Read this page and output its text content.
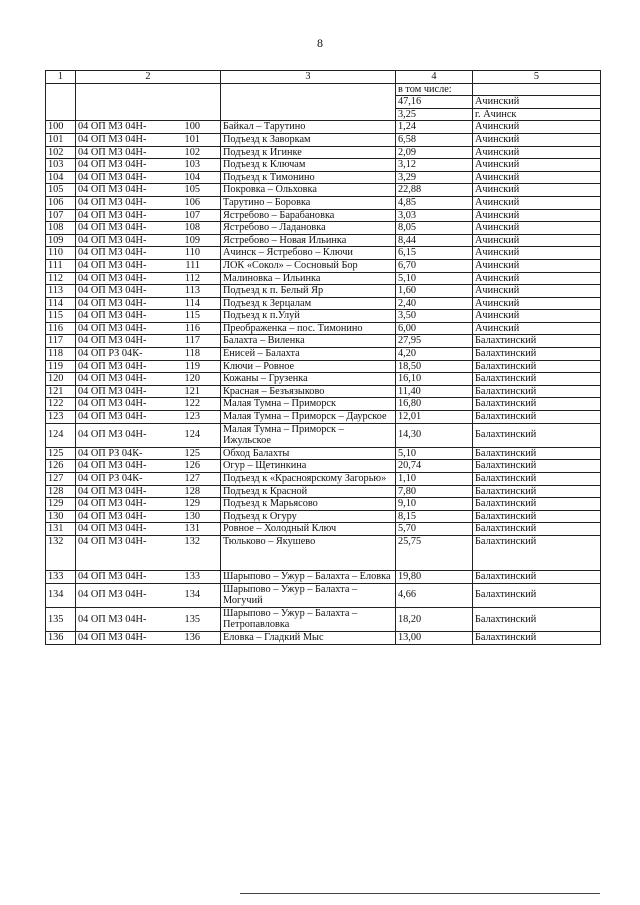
8
1	2	3	4	5
			в том числе:	
			47,16	Ачинский
			3,25	г. Ачинск
100	04 ОП МЗ 04Н- 100	Байкал – Тарутино	1,24	Ачинский
101	04 ОП МЗ 04Н- 101	Подъезд к Заворкам	6,58	Ачинский
102	04 ОП МЗ 04Н- 102	Подъезд к Игинке	2,09	Ачинский
103	04 ОП МЗ 04Н- 103	Подъезд к Ключам	3,12	Ачинский
104	04 ОП МЗ 04Н- 104	Подъезд к Тимонино	3,29	Ачинский
105	04 ОП МЗ 04Н- 105	Покровка – Ольховка	22,88	Ачинский
106	04 ОП МЗ 04Н- 106	Тарутино – Боровка	4,85	Ачинский
107	04 ОП МЗ 04Н- 107	Ястребово – Барабановка	3,03	Ачинский
108	04 ОП МЗ 04Н- 108	Ястребово – Ладановка	8,05	Ачинский
109	04 ОП МЗ 04Н- 109	Ястребово – Новая Ильинка	8,44	Ачинский
110	04 ОП МЗ 04Н- 110	Ачинск – Ястребово – Ключи	6,15	Ачинский
111	04 ОП МЗ 04Н- 111	ЛОК «Сокол» – Сосновый Бор	6,70	Ачинский
112	04 ОП МЗ 04Н- 112	Малиновка – Ильинка	5,10	Ачинский
113	04 ОП МЗ 04Н- 113	Подъезд к п. Белый Яр	1,60	Ачинский
114	04 ОП МЗ 04Н- 114	Подъезд к Зерцалам	2,40	Ачинский
115	04 ОП МЗ 04Н- 115	Подъезд к п.Улуй	3,50	Ачинский
116	04 ОП МЗ 04Н- 116	Преображенка – пос. Тимонино	6,00	Ачинский
117	04 ОП МЗ 04Н- 117	Балахта – Виленка	27,95	Балахтинский
118	04 ОП РЗ 04К- 118	Енисей – Балахта	4,20	Балахтинский
119	04 ОП МЗ 04Н- 119	Ключи – Ровное	18,50	Балахтинский
120	04 ОП МЗ 04Н- 120	Кожаны – Грузенка	16,10	Балахтинский
121	04 ОП МЗ 04Н- 121	Красная – Безъязыково	11,40	Балахтинский
122	04 ОП МЗ 04Н- 122	Малая Тумна – Приморск	16,80	Балахтинский
123	04 ОП МЗ 04Н- 123	Малая Тумна – Приморск – Даурское	12,01	Балахтинский
124	04 ОП МЗ 04Н- 124	Малая Тумна – Приморск – Ижульское	14,30	Балахтинский
125	04 ОП РЗ 04К- 125	Обход Балахты	5,10	Балахтинский
126	04 ОП МЗ 04Н- 126	Огур – Щетинкина	20,74	Балахтинский
127	04 ОП РЗ 04К- 127	Подъезд к «Красноярскому Загорью»	1,10	Балахтинский
128	04 ОП МЗ 04Н- 128	Подъезд к Красной	7,80	Балахтинский
129	04 ОП МЗ 04Н- 129	Подъезд к Марьясово	9,10	Балахтинский
130	04 ОП МЗ 04Н- 130	Подъезд к Огуру	8,15	Балахтинский
131	04 ОП МЗ 04Н- 131	Ровное – Холодный Ключ	5,70	Балахтинский
132	04 ОП МЗ 04Н- 132	Тюльково – Якушево	25,75	Балахтинский
133	04 ОП МЗ 04Н- 133	Шарыпово – Ужур – Балахта – Еловка	19,80	Балахтинский
134	04 ОП МЗ 04Н- 134	Шарыпово – Ужур – Балахта – Могучий	4,66	Балахтинский
135	04 ОП МЗ 04Н- 135	Шарыпово – Ужур – Балахта – Петропавловка	18,20	Балахтинский
136	04 ОП МЗ 04Н- 136	Еловка – Гладкий Мыс	13,00	Балахтинский
